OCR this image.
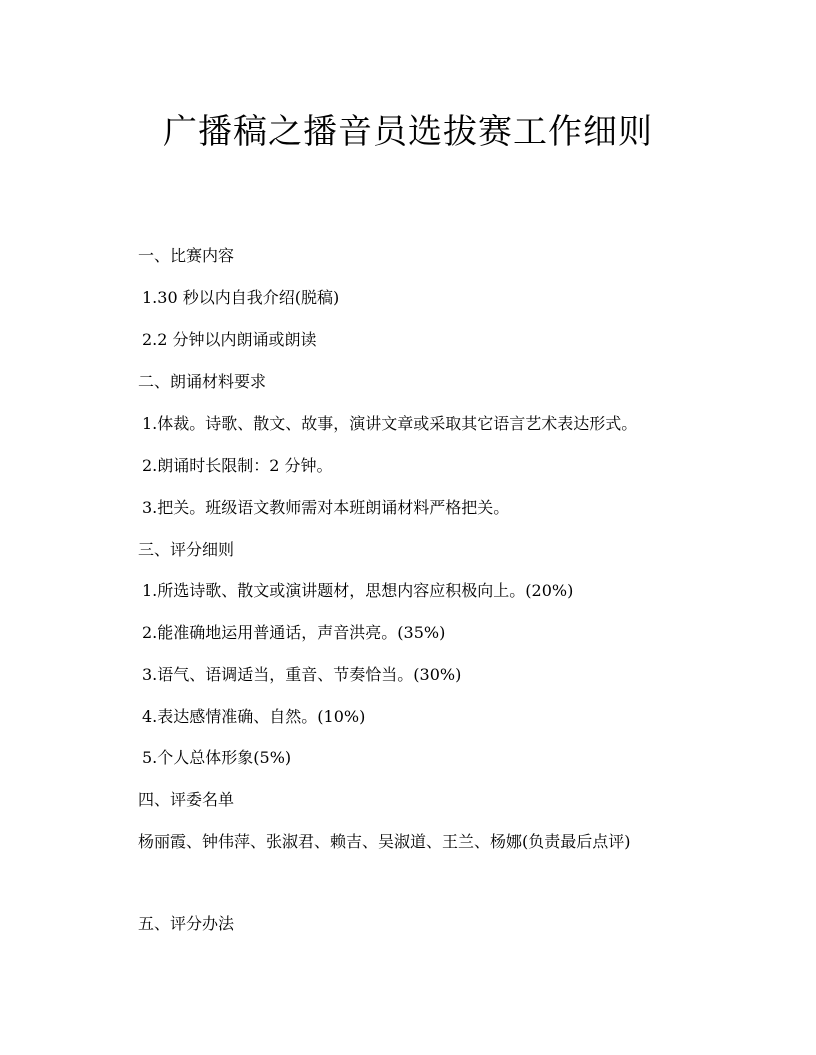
广播稿之播音员选拔赛工作细则
一、比赛内容
1.30 秒以内自我介绍(脱稿)
2.2 分钟以内朗诵或朗读
二、朗诵材料要求
1.体裁。诗歌、散文、故事，演讲文章或采取其它语言艺术表达形式。
2.朗诵时长限制：2 分钟。
3.把关。班级语文教师需对本班朗诵材料严格把关。
三、评分细则
1.所选诗歌、散文或演讲题材，思想内容应积极向上。(20%)
2.能准确地运用普通话，声音洪亮。(35%)
3.语气、语调适当，重音、节奏恰当。(30%)
4.表达感情准确、自然。(10%)
5.个人总体形象(5%)
四、评委名单
杨丽霞、钟伟萍、张淑君、赖吉、吴淑道、王兰、杨娜(负责最后点评)
五、评分办法
